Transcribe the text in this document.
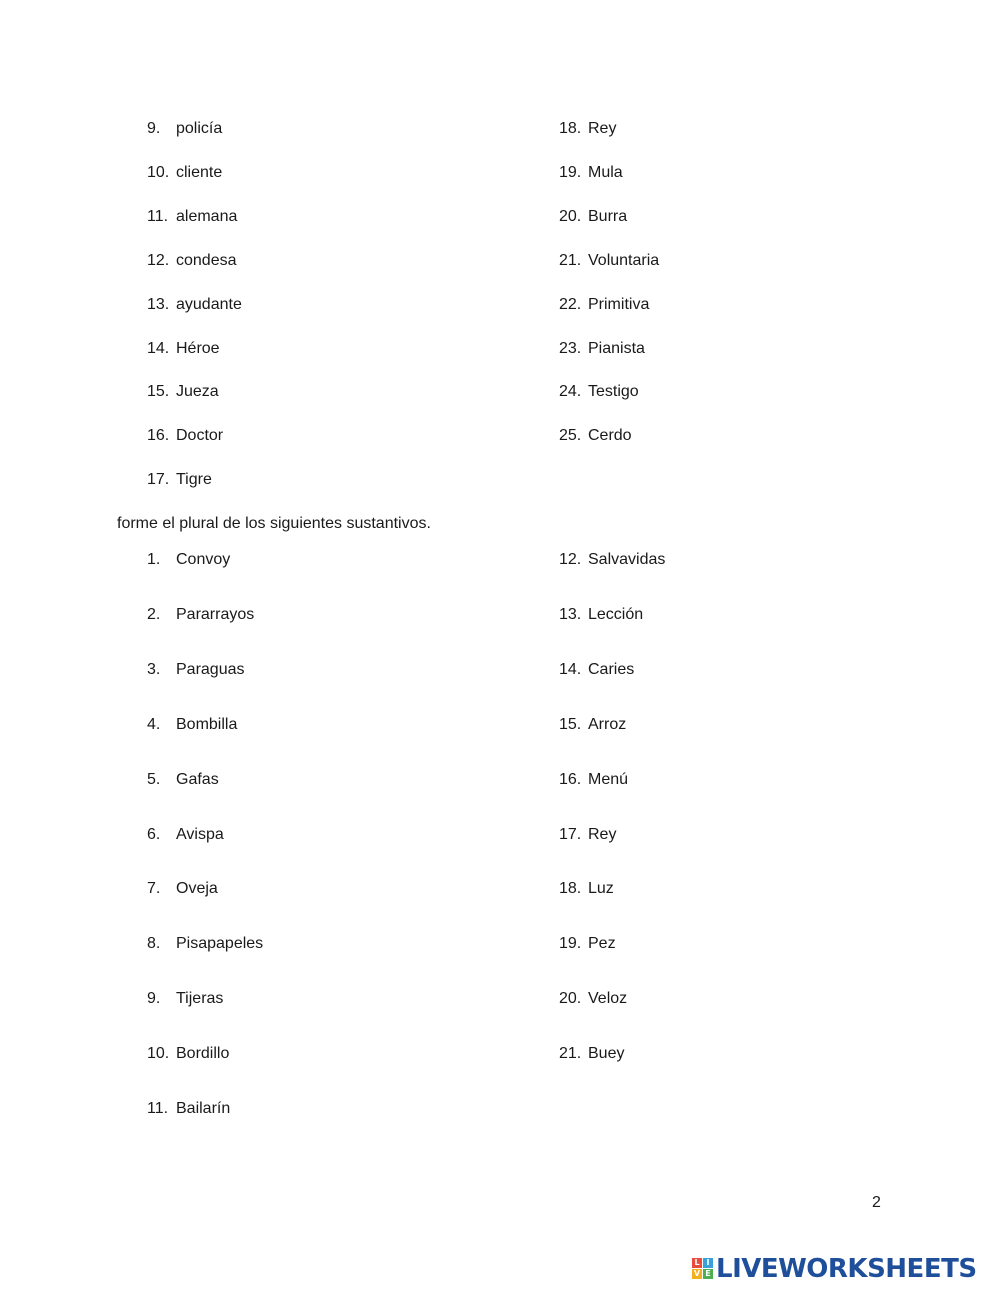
9. policía
10. cliente
11. alemana
12. condesa
13. ayudante
14. Héroe
15. Jueza
16. Doctor
17. Tigre
18. Rey
19. Mula
20. Burra
21. Voluntaria
22. Primitiva
23. Pianista
24. Testigo
25. Cerdo
forme el plural de los siguientes sustantivos.
1. Convoy
2. Pararrayos
3. Paraguas
4. Bombilla
5. Gafas
6. Avispa
7. Oveja
8. Pisapapeles
9. Tijeras
10. Bordillo
11. Bailarín
12. Salvavidas
13. Lección
14. Caries
15. Arroz
16. Menú
17. Rey
18. Luz
19. Pez
20. Veloz
21. Buey
2
L I
V E LIVEWORKSHEETS
